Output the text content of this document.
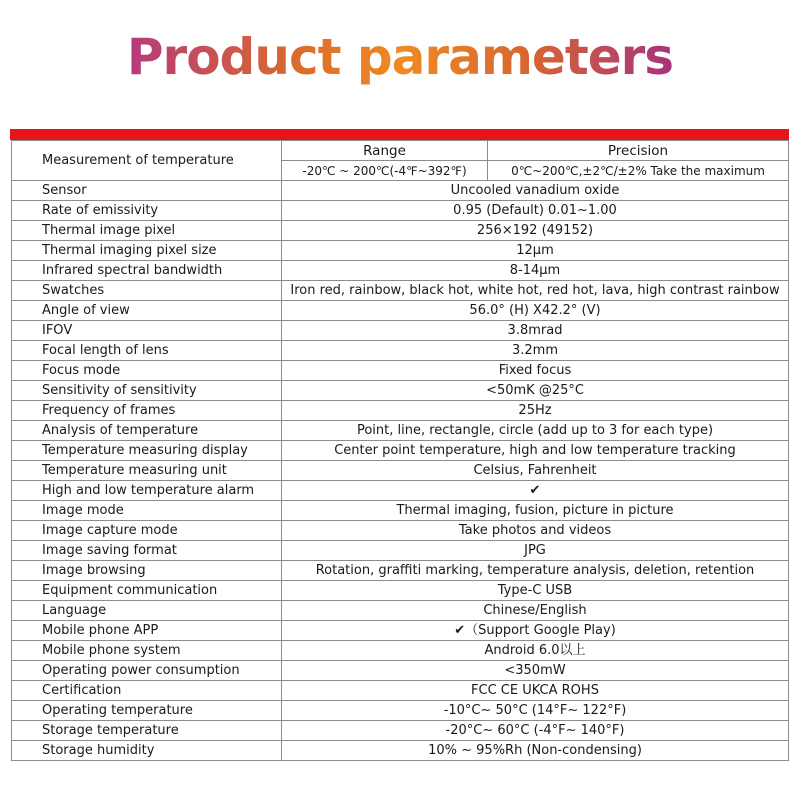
Product parameters
Measurement of temperature	Range	Precision
	-20℃ ~ 200℃(-4℉~392℉)	0℃~200℃,±2℃/±2% Take the maximum
Sensor	Uncooled vanadium oxide	
Rate of emissivity	0.95 (Default) 0.01~1.00	
Thermal image pixel	256×192 (49152)	
Thermal imaging pixel size	12μm	
Infrared spectral bandwidth	8-14μm	
Swatches	Iron red, rainbow, black hot, white hot, red hot, lava, high contrast rainbow	
Angle of view	56.0° (H) X42.2° (V)	
IFOV	3.8mrad	
Focal length of lens	3.2mm	
Focus mode	Fixed focus	
Sensitivity of sensitivity	<50mK @25°C	
Frequency of frames	25Hz	
Analysis of temperature	Point, line, rectangle, circle (add up to 3 for each type)	
Temperature measuring display	Center point temperature, high and low temperature tracking	
Temperature measuring unit	Celsius, Fahrenheit	
High and low temperature alarm	✔	
Image mode	Thermal imaging, fusion, picture in picture	
Image capture mode	Take photos and videos	
Image saving format	JPG	
Image browsing	Rotation, graffiti marking, temperature analysis, deletion, retention	
Equipment communication	Type-C USB	
Language	Chinese/English	
Mobile phone APP	✔（Support Google Play)	
Mobile phone system	Android 6.0以上	
Operating power consumption	<350mW	
Certification	FCC CE UKCA ROHS	
Operating temperature	-10°C~ 50°C (14°F~ 122°F)	
Storage temperature	-20°C~ 60°C (-4°F~ 140°F)	
Storage humidity	10% ~ 95%Rh (Non-condensing)	
